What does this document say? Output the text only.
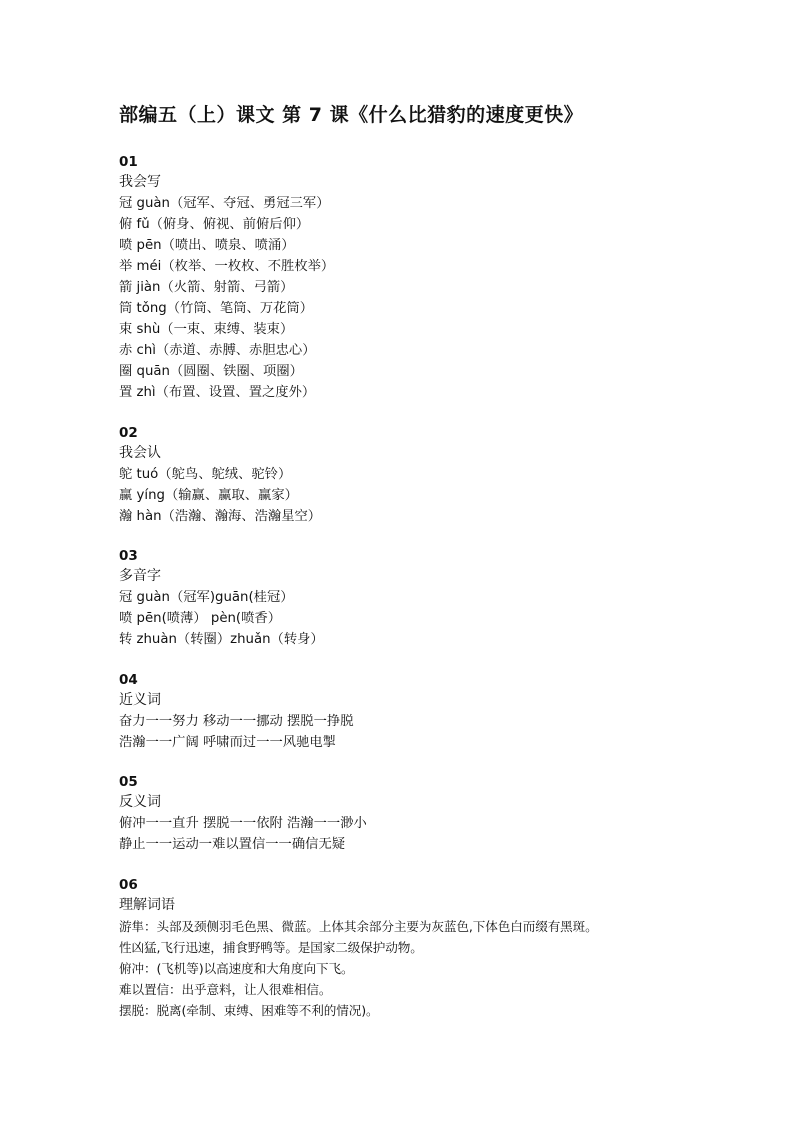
部编五（上）课文 第 7 课《什么比猎豹的速度更快》
01
我会写
冠 guàn（冠军、夺冠、勇冠三军）
俯 fǔ（俯身、俯视、前俯后仰）
喷 pēn（喷出、喷泉、喷涌）
举 méi（枚举、一枚枚、不胜枚举）
箭 jiàn（火箭、射箭、弓箭）
筒 tǒng（竹筒、笔筒、万花筒）
束 shù（一束、束缚、装束）
赤 chì（赤道、赤膊、赤胆忠心）
圈 quān（圆圈、铁圈、项圈）
置 zhì（布置、设置、置之度外）
02
我会认
鸵 tuó（鸵鸟、鸵绒、驼铃）
赢 yíng（输赢、赢取、赢家）
瀚 hàn（浩瀚、瀚海、浩瀚星空）
03
多音字
冠 guàn（冠军)guān(桂冠）
喷 pēn(喷薄） pèn(喷香）
转 zhuàn（转圈）zhuǎn（转身）
04
近义词
奋力一一努力 移动一一挪动 摆脱一挣脱
浩瀚一一广阔 呼啸而过一一风驰电掣
05
反义词
俯冲一一直升 摆脱一一依附 浩瀚一一渺小
静止一一运动一难以置信一一确信无疑
06
理解词语
游隼：头部及颈侧羽毛色黑、微蓝。上体其余部分主要为灰蓝色,下体色白而缀有黑斑。
性凶猛,飞行迅速，捕食野鸭等。是国家二级保护动物。
俯冲：(飞机等)以高速度和大角度向下飞。
难以置信：出乎意料，让人很难相信。
摆脱：脱离(牵制、束缚、困难等不利的情况)。
